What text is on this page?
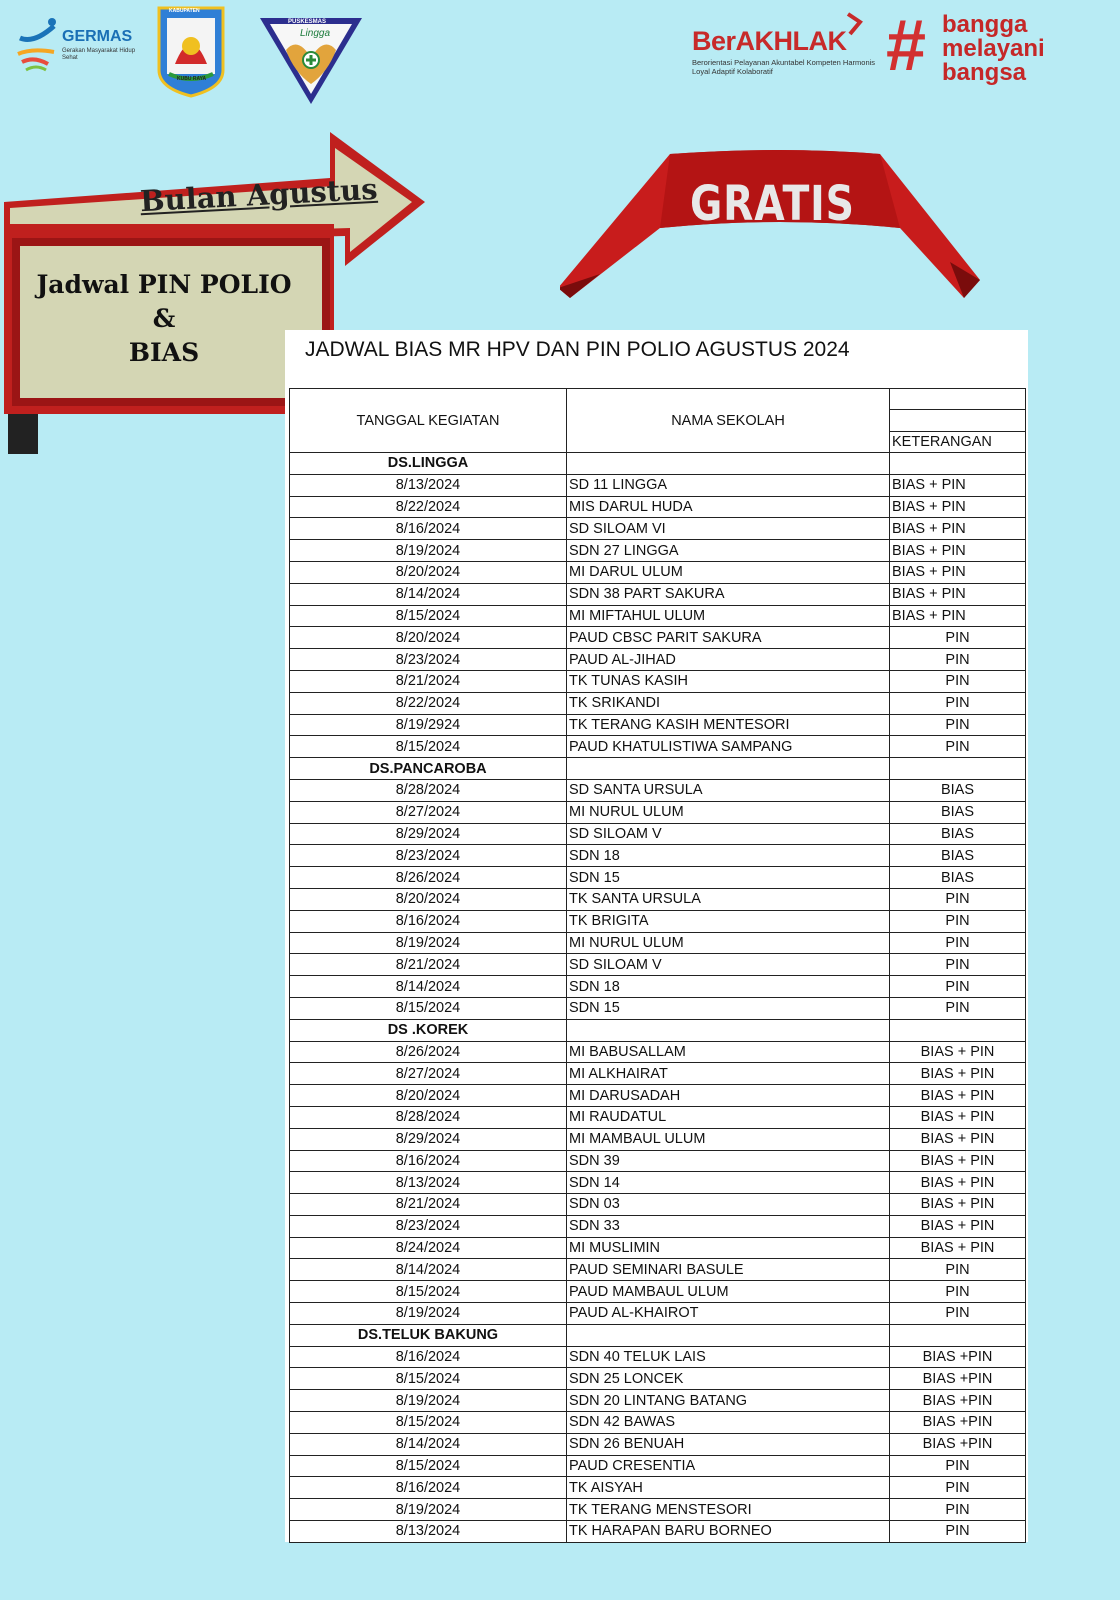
GERMAS
Gerakan Masyarakat Hidup Sehat
KABUPATEN
KUBU RAYA
PUSKESMAS
Lingga	BerAKHLAK
Berorientasi Pelayanan Akuntabel Kompeten Harmonis Loyal Adaptif Kolaboratif	# bangga
melayani
bangsa
Bulan Agustus
Jadwal PIN POLIO
&
BIAS
GRATIS
JADWAL BIAS MR HPV DAN PIN POLIO AGUSTUS 2024
TANGGAL KEGIATAN	NAMA SEKOLAH	

		KETERANGAN
DS.LINGGA		
8/13/2024	SD 11 LINGGA	BIAS + PIN
8/22/2024	MIS DARUL HUDA	BIAS + PIN
8/16/2024	SD SILOAM VI	BIAS + PIN
8/19/2024	SDN 27 LINGGA	BIAS + PIN
8/20/2024	MI DARUL ULUM	BIAS + PIN
8/14/2024	SDN 38 PART SAKURA	BIAS + PIN
8/15/2024	MI MIFTAHUL ULUM	BIAS + PIN
8/20/2024	PAUD CBSC PARIT SAKURA	PIN
8/23/2024	PAUD AL-JIHAD	PIN
8/21/2024	TK TUNAS KASIH	PIN
8/22/2024	TK SRIKANDI	PIN
8/19/2924	TK TERANG KASIH MENTESORI	PIN
8/15/2024	PAUD KHATULISTIWA SAMPANG	PIN
DS.PANCAROBA		
8/28/2024	SD SANTA URSULA	BIAS
8/27/2024	MI NURUL ULUM	BIAS
8/29/2024	SD SILOAM V	BIAS
8/23/2024	SDN 18	BIAS
8/26/2024	SDN 15	BIAS
8/20/2024	TK SANTA URSULA	PIN
8/16/2024	TK BRIGITA	PIN
8/19/2024	MI NURUL ULUM	PIN
8/21/2024	SD SILOAM V	PIN
8/14/2024	SDN 18	PIN
8/15/2024	SDN 15	PIN
DS .KOREK		
8/26/2024	MI BABUSALLAM	BIAS + PIN
8/27/2024	MI ALKHAIRAT	BIAS + PIN
8/20/2024	MI DARUSADAH	BIAS + PIN
8/28/2024	MI RAUDATUL	BIAS + PIN
8/29/2024	MI MAMBAUL ULUM	BIAS + PIN
8/16/2024	SDN 39	BIAS + PIN
8/13/2024	SDN 14	BIAS + PIN
8/21/2024	SDN 03	BIAS + PIN
8/23/2024	SDN 33	BIAS + PIN
8/24/2024	MI MUSLIMIN	BIAS + PIN
8/14/2024	PAUD SEMINARI BASULE	PIN
8/15/2024	PAUD MAMBAUL ULUM	PIN
8/19/2024	PAUD AL-KHAIROT	PIN
DS.TELUK BAKUNG		
8/16/2024	SDN 40 TELUK LAIS	BIAS +PIN
8/15/2024	SDN 25 LONCEK	BIAS +PIN
8/19/2024	SDN 20 LINTANG BATANG	BIAS +PIN
8/15/2024	SDN 42 BAWAS	BIAS +PIN
8/14/2024	SDN 26 BENUAH	BIAS +PIN
8/15/2024	PAUD CRESENTIA	PIN
8/16/2024	TK AISYAH	PIN
8/19/2024	TK TERANG MENSTESORI	PIN
8/13/2024	TK HARAPAN BARU BORNEO	PIN
